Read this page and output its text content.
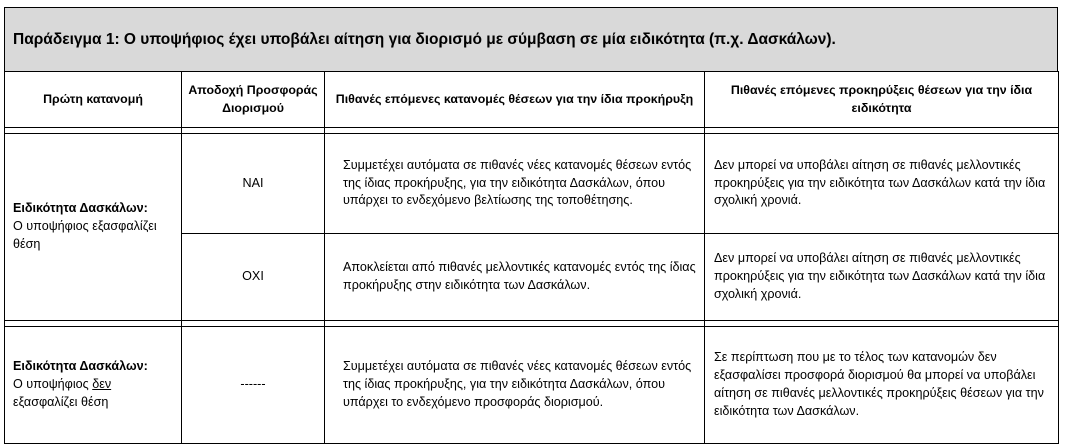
Παράδειγμα 1: Ο υποψήφιος έχει υποβάλει αίτηση για διορισμό με σύμβαση σε μία ειδικότητα (π.χ. Δασκάλων).
Πρώτη κατανομή	Αποδοχή Προσφοράς Διορισμού	Πιθανές επόμενες κατανομές θέσεων για την ίδια προκήρυξη	Πιθανές επόμενες προκηρύξεις θέσεων για την ίδια ειδικότητα

Ειδικότητα Δασκάλων:
Ο υποψήφιος εξασφαλίζει θέση	ΝΑΙ	Συμμετέχει αυτόματα σε πιθανές νέες κατανομές θέσεων εντός της ίδιας προκήρυξης, για την ειδικότητα Δασκάλων, όπου υπάρχει το ενδεχόμενο βελτίωσης της τοποθέτησης.	Δεν μπορεί να υποβάλει αίτηση σε πιθανές μελλοντικές προκηρύξεις για την ειδικότητα των Δασκάλων κατά την ίδια σχολική χρονιά.
	ΟΧΙ	Αποκλείεται από πιθανές μελλοντικές κατανομές εντός της ίδιας προκήρυξης στην ειδικότητα των Δασκάλων.	Δεν μπορεί να υποβάλει αίτηση σε πιθανές μελλοντικές προκηρύξεις για την ειδικότητα των Δασκάλων κατά την ίδια σχολική χρονιά.

Ειδικότητα Δασκάλων:
Ο υποψήφιος δεν εξασφαλίζει θέση	------	Συμμετέχει αυτόματα σε πιθανές νέες κατανομές θέσεων εντός της ίδιας προκήρυξης, για την ειδικότητα Δασκάλων, όπου υπάρχει το ενδεχόμενο προσφοράς διορισμού.	Σε περίπτωση που με το τέλος των κατανομών δεν εξασφαλίσει προσφορά διορισμού θα μπορεί να υποβάλει αίτηση σε πιθανές μελλοντικές προκηρύξεις θέσεων για την ειδικότητα των Δασκάλων.
